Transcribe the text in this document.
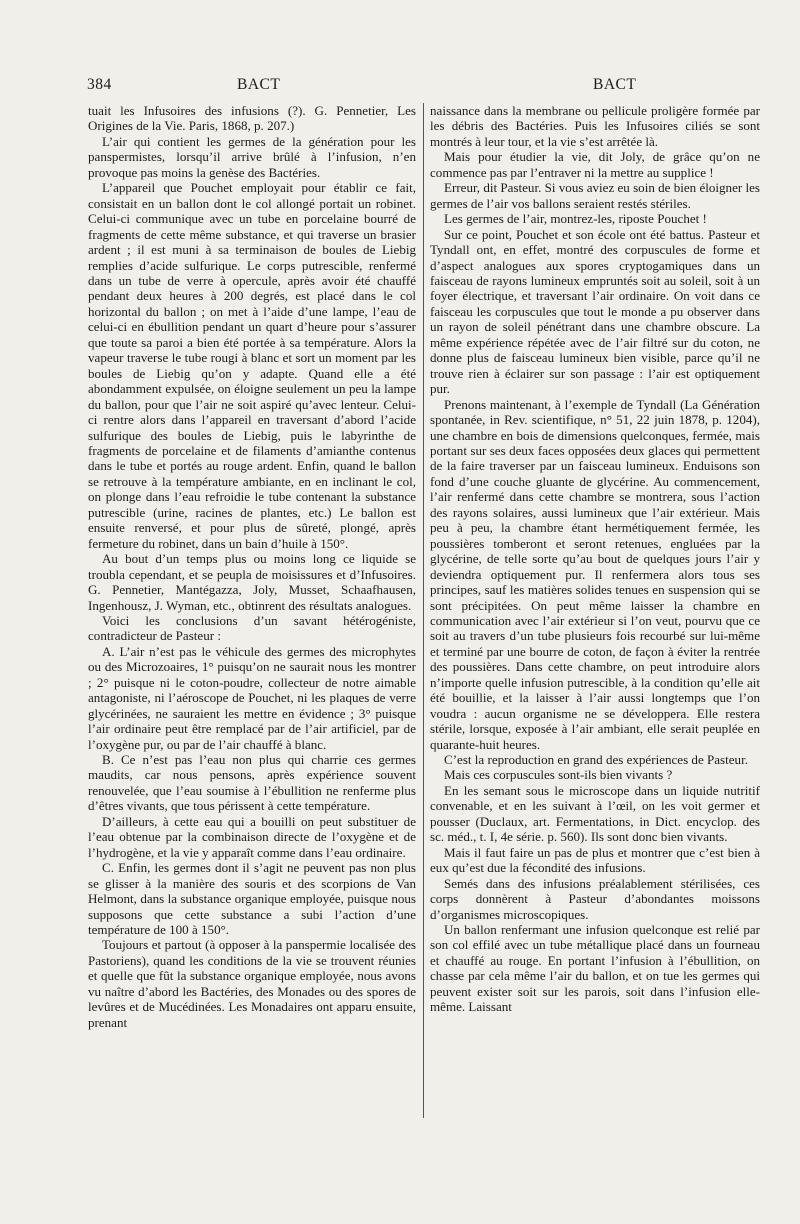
384	BACT	BACT

tuait les Infusoires des infusions (?). G. Pennetier, Les Origines de la Vie. Paris, 1868, p. 207.)

L’air qui contient les germes de la génération pour les panspermistes, lorsqu’il arrive brûlé à l’infusion, n’en provoque pas moins la genèse des Bactéries.

L’appareil que Pouchet employait pour établir ce fait, consistait en un ballon dont le col allongé portait un robinet. Celui-ci communique avec un tube en porcelaine bourré de fragments de cette même substance, et qui traverse un brasier ardent ; il est muni à sa terminaison de boules de Liebig remplies d’acide sulfurique. Le corps putrescible, renfermé dans un tube de verre à opercule, après avoir été chauffé pendant deux heures à 200 degrés, est placé dans le col horizontal du ballon ; on met à l’aide d’une lampe, l’eau de celui-ci en ébullition pendant un quart d’heure pour s’assurer que toute sa paroi a bien été portée à sa température. Alors la vapeur traverse le tube rougi à blanc et sort un moment par les boules de Liebig qu’on y adapte. Quand elle a été abondamment expulsée, on éloigne seulement un peu la lampe du ballon, pour que l’air ne soit aspiré qu’avec lenteur. Celui-ci rentre alors dans l’appareil en traversant d’abord l’acide sulfurique des boules de Liebig, puis le labyrinthe de fragments de porcelaine et de filaments d’amianthe contenus dans le tube et portés au rouge ardent. Enfin, quand le ballon se retrouve à la température ambiante, en en inclinant le col, on plonge dans l’eau refroidie le tube contenant la substance putrescible (urine, racines de plantes, etc.) Le ballon est ensuite renversé, et pour plus de sûreté, plongé, après fermeture du robinet, dans un bain d’huile à 150°.

Au bout d’un temps plus ou moins long ce liquide se troubla cependant, et se peupla de moisissures et d’Infusoires. G. Pennetier, Mantégazza, Joly, Musset, Schaafhausen, Ingenhousz, J. Wyman, etc., obtinrent des résultats analogues.

Voici les conclusions d’un savant hétérogéniste, contradicteur de Pasteur :

A. L’air n’est pas le véhicule des germes des microphytes ou des Microzoaires, 1° puisqu’on ne saurait nous les montrer ; 2° puisque ni le coton-poudre, collecteur de notre aimable antagoniste, ni l’aéroscope de Pouchet, ni les plaques de verre glycérinées, ne sauraient les mettre en évidence ; 3° puisque l’air ordinaire peut être remplacé par de l’air artificiel, par de l’oxygène pur, ou par de l’air chauffé à blanc.

B. Ce n’est pas l’eau non plus qui charrie ces germes maudits, car nous pensons, après expérience souvent renouvelée, que l’eau soumise à l’ébullition ne renferme plus d’êtres vivants, que tous périssent à cette température.

D’ailleurs, à cette eau qui a bouilli on peut substituer de l’eau obtenue par la combinaison directe de l’oxygène et de l’hydrogène, et la vie y apparaît comme dans l’eau ordinaire.

C. Enfin, les germes dont il s’agit ne peuvent pas non plus se glisser à la manière des souris et des scorpions de Van Helmont, dans la substance organique employée, puisque nous supposons que cette substance a subi l’action d’une température de 100 à 150°.

Toujours et partout (à opposer à la panspermie localisée des Pastoriens), quand les conditions de la vie se trouvent réunies et quelle que fût la substance organique employée, nous avons vu naître d’abord les Bactéries, des Monades ou des spores de levûres et de Mucédinées. Les Monadaires ont apparu ensuite, prenant

naissance dans la membrane ou pellicule proligère formée par les débris des Bactéries. Puis les Infusoires ciliés se sont montrés à leur tour, et la vie s’est arrêtée là.

Mais pour étudier la vie, dit Joly, de grâce qu’on ne commence pas par l’entraver ni la mettre au supplice !

Erreur, dit Pasteur. Si vous aviez eu soin de bien éloigner les germes de l’air vos ballons seraient restés stériles.

Les germes de l’air, montrez-les, riposte Pouchet !

Sur ce point, Pouchet et son école ont été battus. Pasteur et Tyndall ont, en effet, montré des corpuscules de forme et d’aspect analogues aux spores cryptogamiques dans un faisceau de rayons lumineux empruntés soit au soleil, soit à un foyer électrique, et traversant l’air ordinaire. On voit dans ce faisceau les corpuscules que tout le monde a pu observer dans un rayon de soleil pénétrant dans une chambre obscure. La même expérience répétée avec de l’air filtré sur du coton, ne donne plus de faisceau lumineux bien visible, parce qu’il ne trouve rien à éclairer sur son passage : l’air est optiquement pur.

Prenons maintenant, à l’exemple de Tyndall (La Génération spontanée, in Rev. scientifique, n° 51, 22 juin 1878, p. 1204), une chambre en bois de dimensions quelconques, fermée, mais portant sur ses deux faces opposées deux glaces qui permettent de la faire traverser par un faisceau lumineux. Enduisons son fond d’une couche gluante de glycérine. Au commencement, l’air renfermé dans cette chambre se montrera, sous l’action des rayons solaires, aussi lumineux que l’air extérieur. Mais peu à peu, la chambre étant hermétiquement fermée, les poussières tomberont et seront retenues, engluées par la glycérine, de telle sorte qu’au bout de quelques jours l’air y deviendra optiquement pur. Il renfermera alors tous ses principes, sauf les matières solides tenues en suspension qui se sont précipitées. On peut même laisser la chambre en communication avec l’air extérieur si l’on veut, pourvu que ce soit au travers d’un tube plusieurs fois recourbé sur lui-même et terminé par une bourre de coton, de façon à éviter la rentrée des poussières. Dans cette chambre, on peut introduire alors n’importe quelle infusion putrescible, à la condition qu’elle ait été bouillie, et la laisser à l’air aussi longtemps que l’on voudra : aucun organisme ne se développera. Elle restera stérile, lorsque, exposée à l’air ambiant, elle serait peuplée en quarante-huit heures.

C’est la reproduction en grand des expériences de Pasteur.

Mais ces corpuscules sont-ils bien vivants ?

En les semant sous le microscope dans un liquide nutritif convenable, et en les suivant à l’œil, on les voit germer et pousser (Duclaux, art. Fermentations, in Dict. encyclop. des sc. méd., t. I, 4e série. p. 560). Ils sont donc bien vivants.

Mais il faut faire un pas de plus et montrer que c’est bien à eux qu’est due la fécondité des infusions.

Semés dans des infusions préalablement stérilisées, ces corps donnèrent à Pasteur d’abondantes moissons d’organismes microscopiques.

Un ballon renfermant une infusion quelconque est relié par son col effilé avec un tube métallique placé dans un fourneau et chauffé au rouge. En portant l’infusion à l’ébullition, on chasse par cela même l’air du ballon, et on tue les germes qui peuvent exister soit sur les parois, soit dans l’infusion elle-même. Laissant
